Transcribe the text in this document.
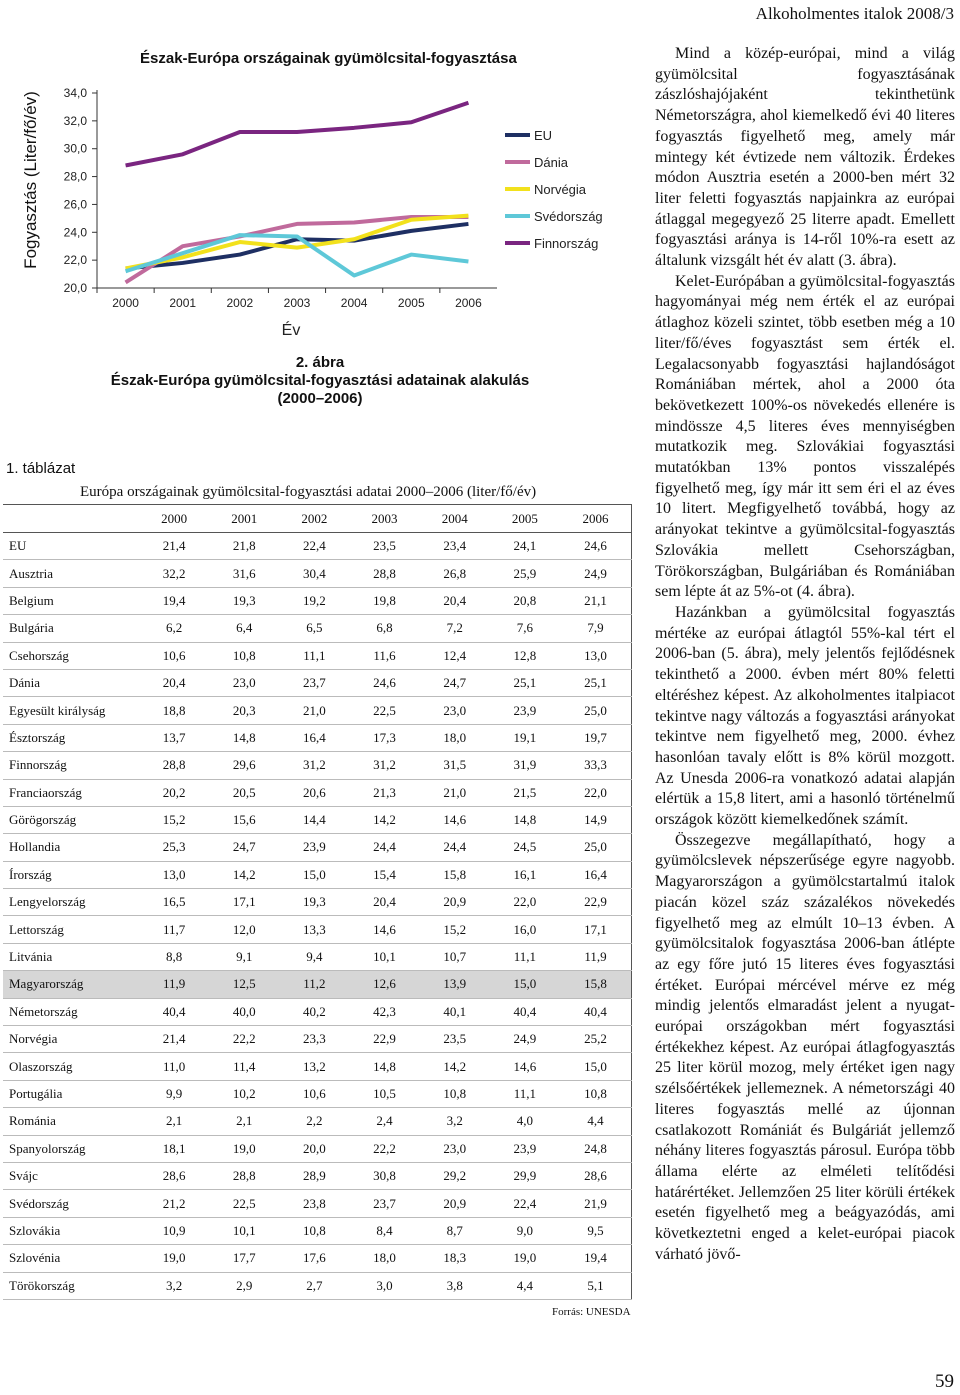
Alkoholmentes italok 2008/3
Észak-Európa országainak gyümölcsital-fogyasztása
Fogyasztás (Liter/fő/év)
20,0
22,0
24,0
26,0
28,0
30,0
32,0
34,0
2000	2001	2002	2003	2004	2005	2006
Év
EU
Dánia
Norvégia
Svédország
Finnország
2. ábra
Észak-Európa gyümölcsital-fogyasztási adatainak alakulás
(2000–2006)
1. táblázat
Európa országainak gyümölcsital-fogyasztási adatai 2000–2006 (liter/fő/év)
	2000	2001	2002	2003	2004	2005	2006
EU	21,4	21,8	22,4	23,5	23,4	24,1	24,6
Ausztria	32,2	31,6	30,4	28,8	26,8	25,9	24,9
Belgium	19,4	19,3	19,2	19,8	20,4	20,8	21,1
Bulgária	6,2	6,4	6,5	6,8	7,2	7,6	7,9
Csehország	10,6	10,8	11,1	11,6	12,4	12,8	13,0
Dánia	20,4	23,0	23,7	24,6	24,7	25,1	25,1
Egyesült királyság	18,8	20,3	21,0	22,5	23,0	23,9	25,0
Észtország	13,7	14,8	16,4	17,3	18,0	19,1	19,7
Finnország	28,8	29,6	31,2	31,2	31,5	31,9	33,3
Franciaország	20,2	20,5	20,6	21,3	21,0	21,5	22,0
Görögország	15,2	15,6	14,4	14,2	14,6	14,8	14,9
Hollandia	25,3	24,7	23,9	24,4	24,4	24,5	25,0
Írország	13,0	14,2	15,0	15,4	15,8	16,1	16,4
Lengyelország	16,5	17,1	19,3	20,4	20,9	22,0	22,9
Lettország	11,7	12,0	13,3	14,6	15,2	16,0	17,1
Litvánia	8,8	9,1	9,4	10,1	10,7	11,1	11,9
Magyarország	11,9	12,5	11,2	12,6	13,9	15,0	15,8
Németország	40,4	40,0	40,2	42,3	40,1	40,4	40,4
Norvégia	21,4	22,2	23,3	22,9	23,5	24,9	25,2
Olaszország	11,0	11,4	13,2	14,8	14,2	14,6	15,0
Portugália	9,9	10,2	10,6	10,5	10,8	11,1	10,8
Románia	2,1	2,1	2,2	2,4	3,2	4,0	4,4
Spanyolország	18,1	19,0	20,0	22,2	23,0	23,9	24,8
Svájc	28,6	28,8	28,9	30,8	29,2	29,9	28,6
Svédország	21,2	22,5	23,8	23,7	20,9	22,4	21,9
Szlovákia	10,9	10,1	10,8	8,4	8,7	9,0	9,5
Szlovénia	19,0	17,7	17,6	18,0	18,3	19,0	19,4
Törökország	3,2	2,9	2,7	3,0	3,8	4,4	5,1
Forrás: UNESDA

Mind a közép-európai, mind a világ gyümölcsital fogyasztásának zászlóshajójaként tekinthetünk Németországra, ahol kiemelkedő évi 40 literes fogyasztás figyelhető meg, amely már mintegy két évtizede nem változik. Érdekes módon Ausztria esetén a 2000-ben mért 32 liter feletti fogyasztás napjainkra az európai átlaggal megegyező 25 literre apadt. Emellett fogyasztási aránya is 14-ről 10%-ra esett az általunk vizsgált hét év alatt (3. ábra).

Kelet-Európában a gyümölcsital-fogyasztás hagyományai még nem érték el az európai átlaghoz közeli szintet, több esetben még a 10 liter/fő/éves fogyasztást sem érték el. Legalacsonyabb fogyasztási hajlandóságot Romániában mértek, ahol a 2000 óta bekövetkezett 100%-os növekedés ellenére is mindössze 4,5 literes éves mennyiségben mutatkozik meg. Szlovákiai fogyasztási mutatókban 13% pontos visszalépés figyelhető meg, így már itt sem éri el az éves 10 litert. Megfigyelhető továbbá, hogy az arányokat tekintve a gyümölcsital-fogyasztás Szlovákia mellett Csehországban, Törökországban, Bulgáriában és Romániában sem lépte át az 5%-ot (4. ábra).

Hazánkban a gyümölcsital fogyasztás mértéke az európai átlagtól 55%-kal tért el 2006-ban (5. ábra), mely jelentős fejlődésnek tekinthető a 2000. évben mért 80% feletti eltéréshez képest. Az alkoholmentes italpiacot tekintve nagy változás a fogyasztási arányokat tekintve nem figyelhető meg, 2000. évhez hasonlóan tavaly előtt is 8% körül mozgott. Az Unesda 2006-ra vonatkozó adatai alapján elértük a 15,8 litert, ami a hasonló történelmű országok között kiemelkedőnek számít.

Összegezve megállapítható, hogy a gyümölcslevek népszerűsége egyre nagyobb. Magyarországon a gyümölcstartalmú italok piacán közel száz százalékos növekedés figyelhető meg az elmúlt 10–13 évben. A gyümölcsitalok fogyasztása 2006-ban átlépte az egy főre jutó 15 literes éves fogyasztási értéket. Európai mércével mérve ez még mindig jelentős elmaradást jelent a nyugat-európai országokban mért fogyasztási értékekhez képest. Az európai átlagfogyasztás 25 liter körül mozog, mely értéket igen nagy szélsőértékek jellemeznek. A németországi 40 literes fogyasztás mellé az újonnan csatlakozott Romániát és Bulgáriát jellemző néhány literes fogyasztás párosul. Európa több állama elérte az elméleti telítődési határértéket. Jellemzően 25 liter körüli értékek esetén figyelhető meg a beágyazódás, ami következtetni enged a kelet-európai piacok várható jövő-

59
